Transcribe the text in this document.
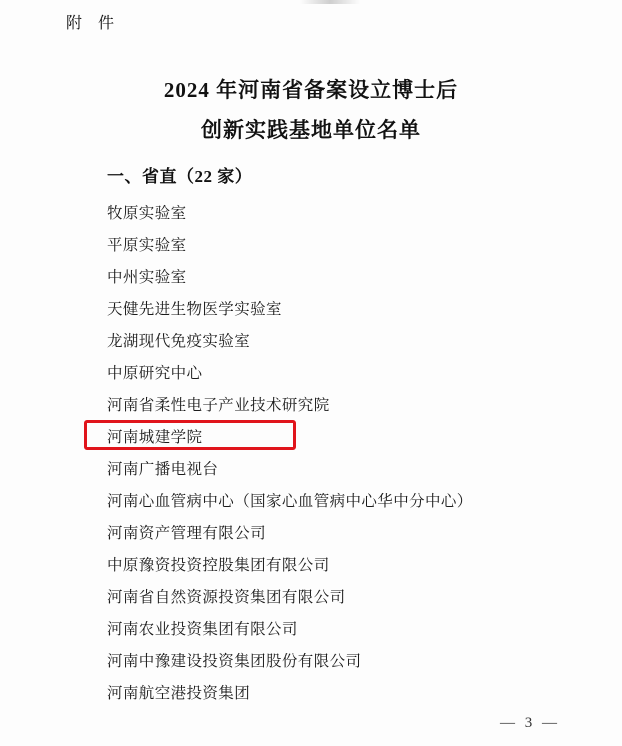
附 件
2024 年河南省备案设立博士后
创新实践基地单位名单
一、省直（22 家）
牧原实验室
平原实验室
中州实验室
天健先进生物医学实验室
龙湖现代免疫实验室
中原研究中心
河南省柔性电子产业技术研究院
河南城建学院
河南广播电视台
河南心血管病中心（国家心血管病中心华中分中心）
河南资产管理有限公司
中原豫资投资控股集团有限公司
河南省自然资源投资集团有限公司
河南农业投资集团有限公司
河南中豫建设投资集团股份有限公司
河南航空港投资集团
— 3 —
